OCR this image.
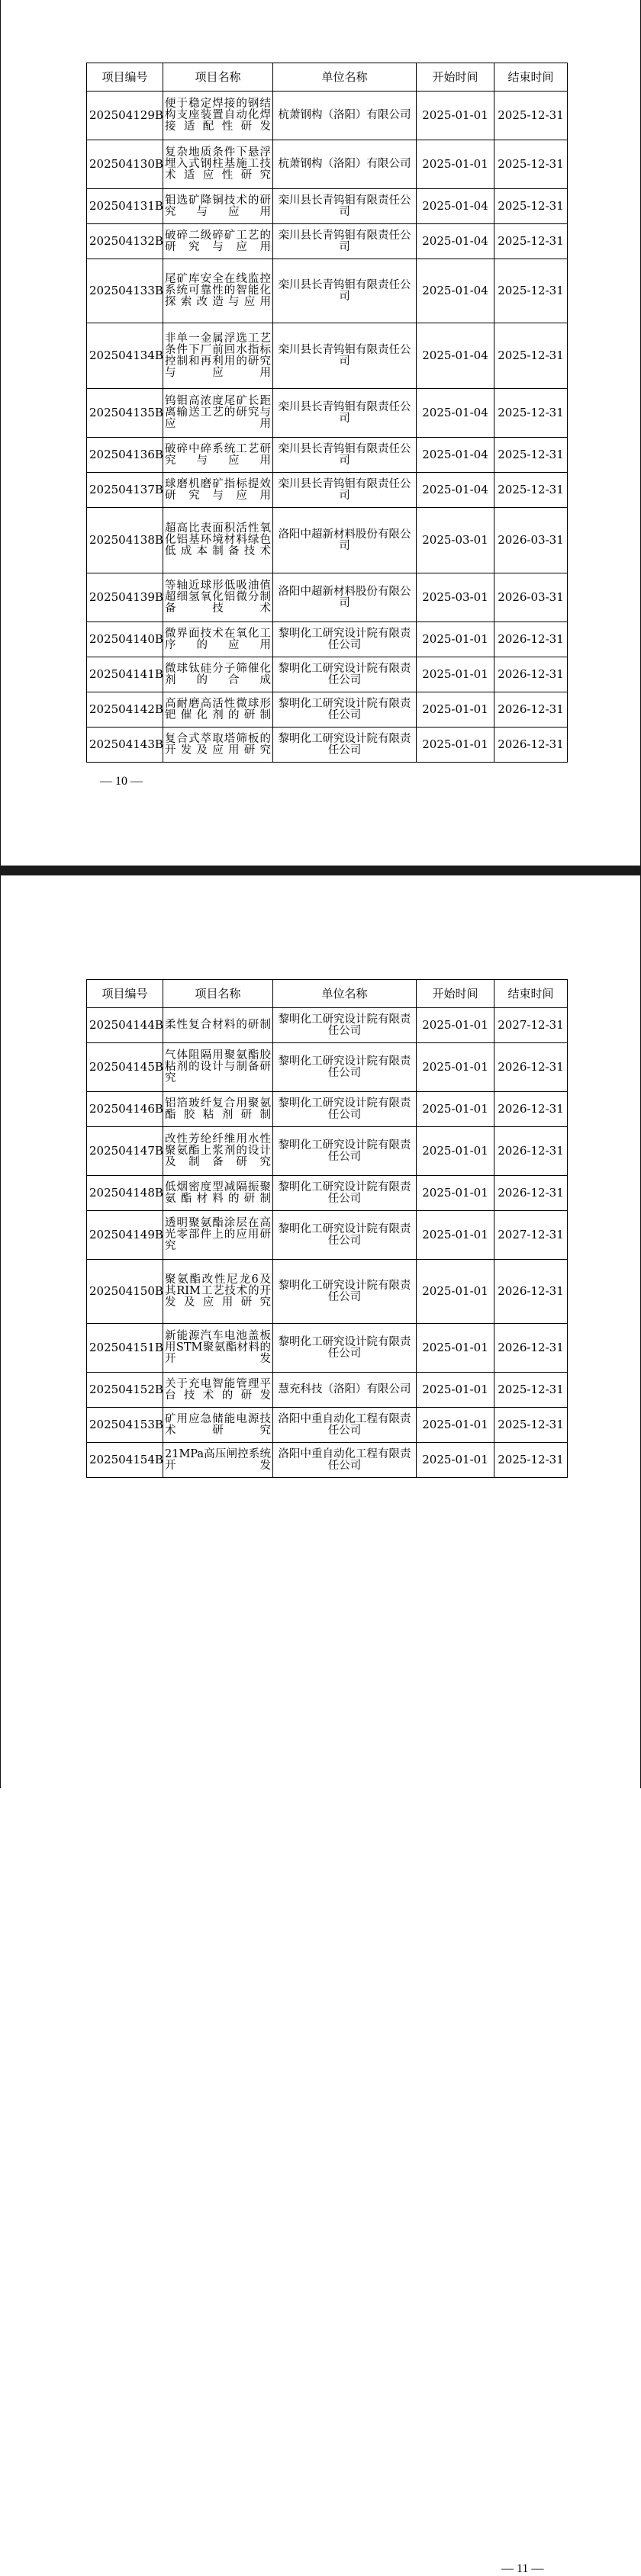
项目编号	项目名称	单位名称	开始时间	结束时间
202504129B	便于稳定焊接的钢结构支座装置自动化焊接适配性研发	杭萧钢构（洛阳）有限公司	2025-01-01	2025-12-31
202504130B	复杂地质条件下悬浮埋入式钢柱基施工技术适应性研究	杭萧钢构（洛阳）有限公司	2025-01-01	2025-12-31
202504131B	钼选矿降铜技术的研究与应用	栾川县长青钨钼有限责任公司	2025-01-04	2025-12-31
202504132B	破碎二级碎矿工艺的研究与应用	栾川县长青钨钼有限责任公司	2025-01-04	2025-12-31
202504133B	尾矿库安全在线监控系统可靠性的智能化探索改造与应用	栾川县长青钨钼有限责任公司	2025-01-04	2025-12-31
202504134B	非单一金属浮选工艺条件下厂前回水指标控制和再利用的研究与应用	栾川县长青钨钼有限责任公司	2025-01-04	2025-12-31
202504135B	钨钼高浓度尾矿长距离输送工艺的研究与应用	栾川县长青钨钼有限责任公司	2025-01-04	2025-12-31
202504136B	破碎中碎系统工艺研究与应用	栾川县长青钨钼有限责任公司	2025-01-04	2025-12-31
202504137B	球磨机磨矿指标提效研究与应用	栾川县长青钨钼有限责任公司	2025-01-04	2025-12-31
202504138B	超高比表面积活性氧化铝基环境材料绿色低成本制备技术	洛阳中超新材料股份有限公司	2025-03-01	2026-03-31
202504139B	等轴近球形低吸油值超细氢氧化铝微分制备技术	洛阳中超新材料股份有限公司	2025-03-01	2026-03-31
202504140B	微界面技术在氧化工序的应用	黎明化工研究设计院有限责任公司	2025-01-01	2026-12-31
202504141B	微球钛硅分子筛催化剂的合成	黎明化工研究设计院有限责任公司	2025-01-01	2026-12-31
202504142B	高耐磨高活性微球形钯催化剂的研制	黎明化工研究设计院有限责任公司	2025-01-01	2026-12-31
202504143B	复合式萃取塔筛板的开发及应用研究	黎明化工研究设计院有限责任公司	2025-01-01	2026-12-31
— 10 —
项目编号	项目名称	单位名称	开始时间	结束时间
202504144B	柔性复合材料的研制	黎明化工研究设计院有限责任公司	2025-01-01	2027-12-31
202504145B	气体阻隔用聚氨酯胶粘剂的设计与制备研究	黎明化工研究设计院有限责任公司	2025-01-01	2026-12-31
202504146B	铝箔玻纤复合用聚氨酯胶粘剂研制	黎明化工研究设计院有限责任公司	2025-01-01	2026-12-31
202504147B	改性芳纶纤维用水性聚氨酯上浆剂的设计及制备研究	黎明化工研究设计院有限责任公司	2025-01-01	2026-12-31
202504148B	低烟密度型减隔振聚氨酯材料的研制	黎明化工研究设计院有限责任公司	2025-01-01	2026-12-31
202504149B	透明聚氨酯涂层在高光零部件上的应用研究	黎明化工研究设计院有限责任公司	2025-01-01	2027-12-31
202504150B	聚氨酯改性尼龙6及其RIM工艺技术的开发及应用研究	黎明化工研究设计院有限责任公司	2025-01-01	2026-12-31
202504151B	新能源汽车电池盖板用STM聚氨酯材料的开发	黎明化工研究设计院有限责任公司	2025-01-01	2026-12-31
202504152B	关于充电智能管理平台技术的研发	慧充科技（洛阳）有限公司	2025-01-01	2025-12-31
202504153B	矿用应急储能电源技术研究	洛阳中重自动化工程有限责任公司	2025-01-01	2025-12-31
202504154B	21MPa高压闸控系统开发	洛阳中重自动化工程有限责任公司	2025-01-01	2025-12-31
— 11 —
